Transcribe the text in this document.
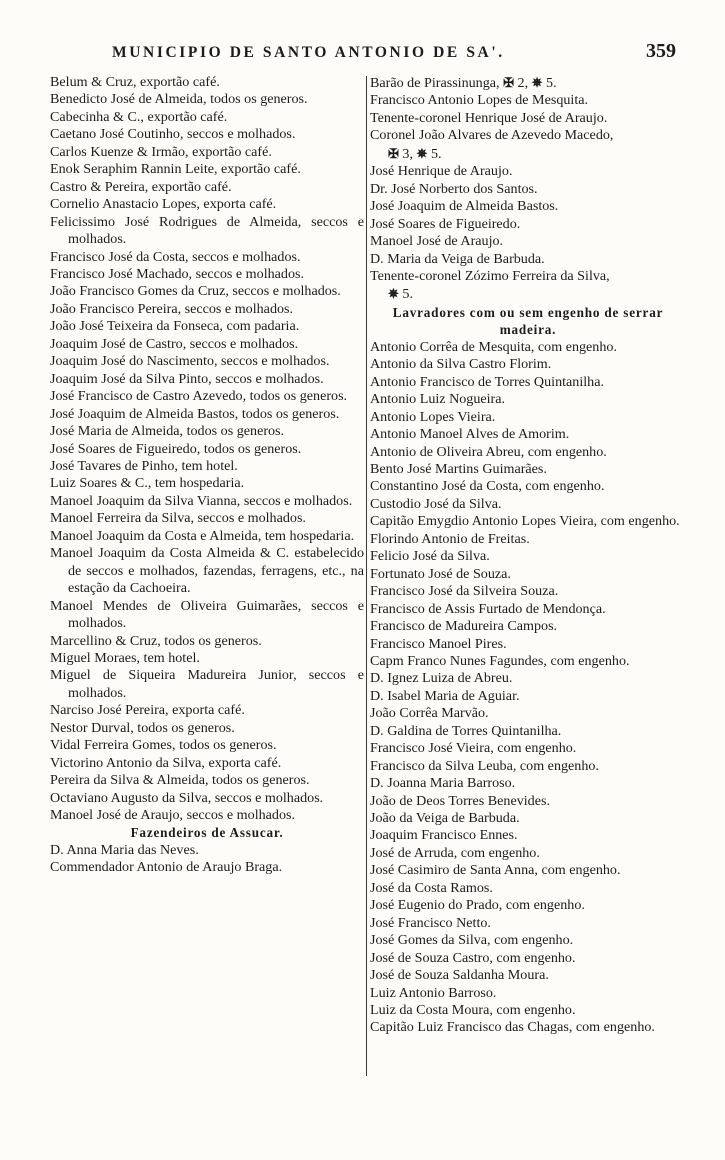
MUNICIPIO DE SANTO ANTONIO DE SA'.	359

Belum & Cruz, exportão café.

Benedicto José de Almeida, todos os generos.

Cabecinha & C., exportão café.

Caetano José Coutinho, seccos e molhados.

Carlos Kuenze & Irmão, exportão café.

Enok Seraphim Rannin Leite, exportão café.

Castro & Pereira, exportão café.

Cornelio Anastacio Lopes, exporta café.

Felicissimo José Rodrigues de Almeida, seccos e molhados.

Francisco José da Costa, seccos e molhados.

Francisco José Machado, seccos e molhados.

João Francisco Gomes da Cruz, seccos e molhados.

João Francisco Pereira, seccos e molhados.

João José Teixeira da Fonseca, com padaria.

Joaquim José de Castro, seccos e molhados.

Joaquim José do Nascimento, seccos e molhados.

Joaquim José da Silva Pinto, seccos e molhados.

José Francisco de Castro Azevedo, todos os generos.

José Joaquim de Almeida Bastos, todos os generos.

José Maria de Almeida, todos os generos.

José Soares de Figueiredo, todos os generos.

José Tavares de Pinho, tem hotel.

Luiz Soares & C., tem hospedaria.

Manoel Joaquim da Silva Vianna, seccos e molhados.

Manoel Ferreira da Silva, seccos e molhados.

Manoel Joaquim da Costa e Almeida, tem hospedaria.

Manoel Joaquim da Costa Almeida & C. estabelecido de seccos e molhados, fazendas, ferragens, etc., na estação da Cachoeira.

Manoel Mendes de Oliveira Guimarães, seccos e molhados.

Marcellino & Cruz, todos os generos.

Miguel Moraes, tem hotel.

Miguel de Siqueira Madureira Junior, seccos e molhados.

Narciso José Pereira, exporta café.

Nestor Durval, todos os generos.

Vidal Ferreira Gomes, todos os generos.

Victorino Antonio da Silva, exporta café.

Pereira da Silva & Almeida, todos os generos.

Octaviano Augusto da Silva, seccos e molhados.

Manoel José de Araujo, seccos e molhados.

Fazendeiros de Assucar.

D. Anna Maria das Neves.

Commendador Antonio de Araujo Braga.

Barão de Pirassinunga, ✠ 2, ✵ 5.

Francisco Antonio Lopes de Mesquita.

Tenente-coronel Henrique José de Araujo.

Coronel João Alvares de Azevedo Macedo,
✠ 3, ✵ 5.

José Henrique de Araujo.

Dr. José Norberto dos Santos.

José Joaquim de Almeida Bastos.

José Soares de Figueiredo.

Manoel José de Araujo.

D. Maria da Veiga de Barbuda.

Tenente-coronel Zózimo Ferreira da Silva,
✵ 5.

Lavradores com ou sem engenho de serrar madeira.

Antonio Corrêa de Mesquita, com engenho.

Antonio da Silva Castro Florim.

Antonio Francisco de Torres Quintanilha.

Antonio Luiz Nogueira.

Antonio Lopes Vieira.

Antonio Manoel Alves de Amorim.

Antonio de Oliveira Abreu, com engenho.

Bento José Martins Guimarães.

Constantino José da Costa, com engenho.

Custodio José da Silva.

Capitão Emygdio Antonio Lopes Vieira, com engenho.

Florindo Antonio de Freitas.

Felicio José da Silva.

Fortunato José de Souza.

Francisco José da Silveira Souza.

Francisco de Assis Furtado de Mendonça.

Francisco de Madureira Campos.

Francisco Manoel Pires.

Capm Franco Nunes Fagundes, com engenho.

D. Ignez Luiza de Abreu.

D. Isabel Maria de Aguiar.

João Corrêa Marvão.

D. Galdina de Torres Quintanilha.

Francisco José Vieira, com engenho.

Francisco da Silva Leuba, com engenho.

D. Joanna Maria Barroso.

João de Deos Torres Benevides.

João da Veiga de Barbuda.

Joaquim Francisco Ennes.

José de Arruda, com engenho.

José Casimiro de Santa Anna, com engenho.

José da Costa Ramos.

José Eugenio do Prado, com engenho.

José Francisco Netto.

José Gomes da Silva, com engenho.

José de Souza Castro, com engenho.

José de Souza Saldanha Moura.

Luiz Antonio Barroso.

Luiz da Costa Moura, com engenho.

Capitão Luiz Francisco das Chagas, com engenho.
